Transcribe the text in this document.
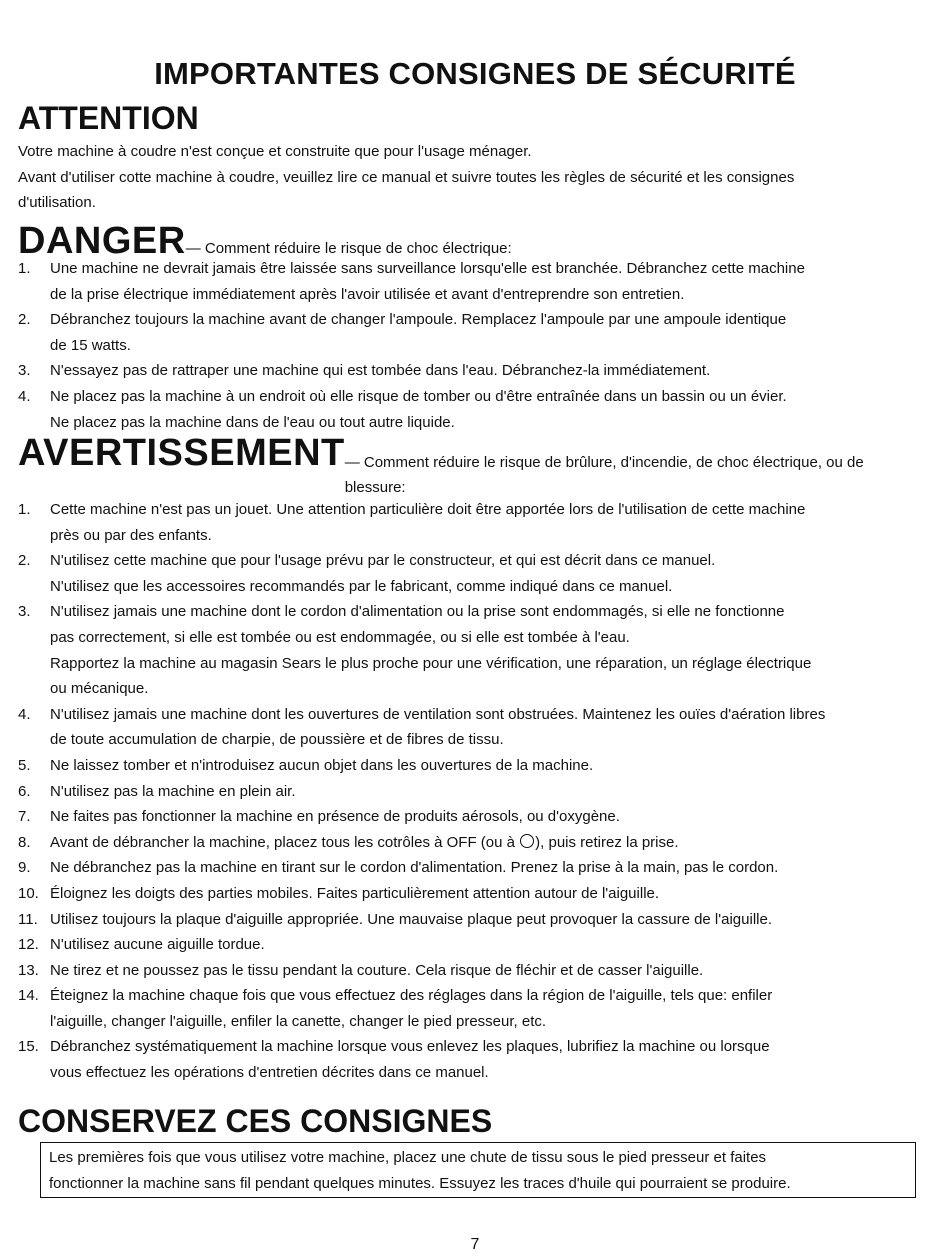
IMPORTANTES CONSIGNES DE SÉCURITÉ
ATTENTION

Votre machine à coudre n'est conçue et construite que pour l'usage ménager.

Avant d'utiliser cotte machine à coudre, veuillez lire ce manual et suivre toutes les règles de sécurité et les consignes
d'utilisation.

DANGER— Comment réduire le risque de choc électrique:
1.	Une machine ne devrait jamais être laissée sans surveillance lorsqu'elle est branchée. Débranchez cette machine
de la prise électrique immédiatement après l'avoir utilisée et avant d'entreprendre son entretien.
2.	Débranchez toujours la machine avant de changer l'ampoule. Remplacez l'ampoule par une ampoule identique
de 15 watts.
3.	N'essayez pas de rattraper une machine qui est tombée dans l'eau. Débranchez-la immédiatement.
4.	Ne placez pas la machine à un endroit où elle risque de tomber ou d'être entraînée dans un bassin ou un évier.
Ne placez pas la machine dans de l'eau ou tout autre liquide.
AVERTISSEMENT— Comment réduire le risque de brûlure, d'incendie, de choc électrique, ou de blessure:
1.	Cette machine n'est pas un jouet. Une attention particulière doit être apportée lors de l'utilisation de cette machine
près ou par des enfants.
2.	N'utilisez cette machine que pour l'usage prévu par le constructeur, et qui est décrit dans ce manuel.
N'utilisez que les accessoires recommandés par le fabricant, comme indiqué dans ce manuel.
3.	N'utilisez jamais une machine dont le cordon d'alimentation ou la prise sont endommagés, si elle ne fonctionne
pas correctement, si elle est tombée ou est endommagée, ou si elle est tombée à l'eau.
Rapportez la machine au magasin Sears le plus proche pour une vérification, une réparation, un réglage électrique
ou mécanique.
4.	N'utilisez jamais une machine dont les ouvertures de ventilation sont obstruées. Maintenez les ouïes d'aération libres
de toute accumulation de charpie, de poussière et de fibres de tissu.
5.	Ne laissez tomber et n'introduisez aucun objet dans les ouvertures de la machine.
6.	N'utilisez pas la machine en plein air.
7.	Ne faites pas fonctionner la machine en présence de produits aérosols, ou d'oxygène.
8.	Avant de débrancher la machine, placez tous les cotrôles à OFF (ou à ), puis retirez la prise.
9.	Ne débranchez pas la machine en tirant sur le cordon d'alimentation. Prenez la prise à la main, pas le cordon.
10. Éloignez les doigts des parties mobiles. Faites particulièrement attention autour de l'aiguille.
11. Utilisez toujours la plaque d'aiguille appropriée. Une mauvaise plaque peut provoquer la cassure de l'aiguille.
12. N'utilisez aucune aiguille tordue.
13. Ne tirez et ne poussez pas le tissu pendant la couture. Cela risque de fléchir et de casser l'aiguille.
14. Éteignez la machine chaque fois que vous effectuez des réglages dans la région de l'aiguille, tels que: enfiler
l'aiguille, changer l'aiguille, enfiler la canette, changer le pied presseur, etc.
15. Débranchez systématiquement la machine lorsque vous enlevez les plaques, lubrifiez la machine ou lorsque
vous effectuez les opérations d'entretien décrites dans ce manuel.
CONSERVEZ CES CONSIGNES
Les premières fois que vous utilisez votre machine, placez une chute de tissu sous le pied presseur et faites
fonctionner la machine sans fil pendant quelques minutes. Essuyez les traces d'huile qui pourraient se produire.
7
